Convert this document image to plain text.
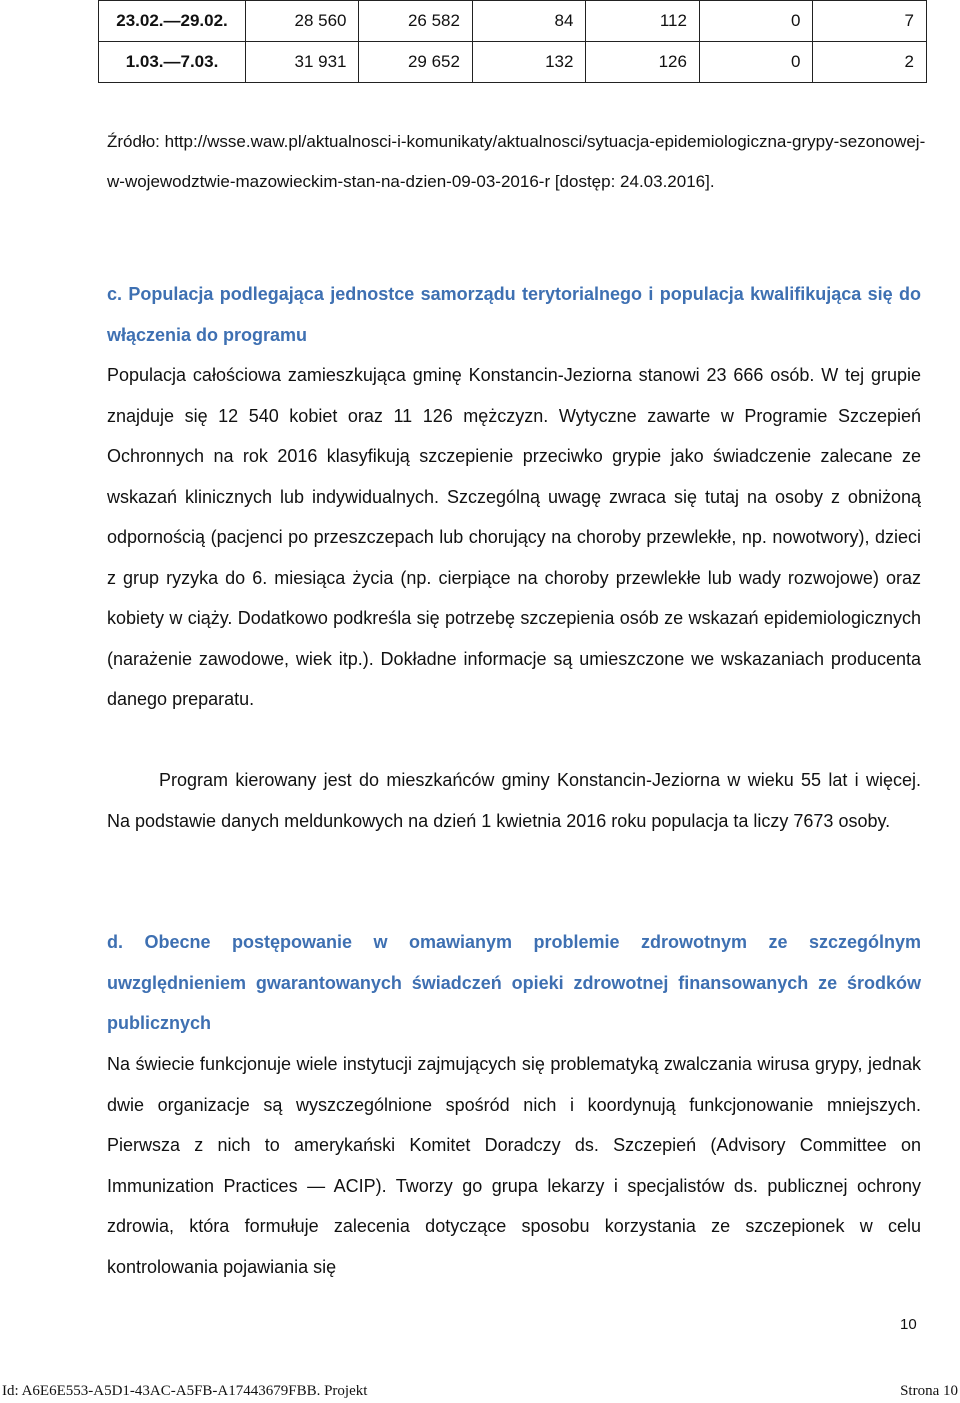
23.02.—29.02.	28 560	26 582	84	112	0	7
1.03.—7.03.	31 931	29 652	132	126	0	2

Źródło: http://wsse.waw.pl/aktualnosci-i-komunikaty/aktualnosci/sytuacja-epidemiologiczna-grypy-sezonowej-w-wojewodztwie-mazowieckim-stan-na-dzien-09-03-2016-r [dostęp: 24.03.2016].

c. Populacja podlegająca jednostce samorządu terytorialnego i populacja kwalifikująca się do włączenia do programu

Populacja całościowa zamieszkująca gminę Konstancin-Jeziorna stanowi 23 666 osób. W tej grupie znajduje się 12 540 kobiet oraz 11 126 mężczyzn. Wytyczne zawarte w Programie Szczepień Ochronnych na rok 2016 klasyfikują szczepienie przeciwko grypie jako świadczenie zalecane ze wskazań klinicznych lub indywidualnych. Szczególną uwagę zwraca się tutaj na osoby z obniżoną odpornością (pacjenci po przeszczepach lub chorujący na choroby przewlekłe, np. nowotwory), dzieci z grup ryzyka do 6. miesiąca życia (np. cierpiące na choroby przewlekłe lub wady rozwojowe) oraz kobiety w ciąży. Dodatkowo podkreśla się potrzebę szczepienia osób ze wskazań epidemiologicznych (narażenie zawodowe, wiek itp.). Dokładne informacje są umieszczone we wskazaniach producenta danego preparatu.

Program kierowany jest do mieszkańców gminy Konstancin-Jeziorna w wieku 55 lat i więcej. Na podstawie danych meldunkowych na dzień 1 kwietnia 2016 roku populacja ta liczy 7673 osoby.

d. Obecne postępowanie w omawianym problemie zdrowotnym ze szczególnym uwzględnieniem gwarantowanych świadczeń opieki zdrowotnej finansowanych ze środków publicznych

Na świecie funkcjonuje wiele instytucji zajmujących się problematyką zwalczania wirusa grypy, jednak dwie organizacje są wyszczególnione spośród nich i koordynują funkcjonowanie mniejszych. Pierwsza z nich to amerykański Komitet Doradczy ds. Szczepień (Advisory Committee on Immunization Practices — ACIP). Tworzy go grupa lekarzy i specjalistów ds. publicznej ochrony zdrowia, która formułuje zalecenia dotyczące sposobu korzystania ze szczepionek w celu kontrolowania pojawiania się

10

Id: A6E6E553-A5D1-43AC-A5FB-A17443679FBB. Projekt	Strona 10
